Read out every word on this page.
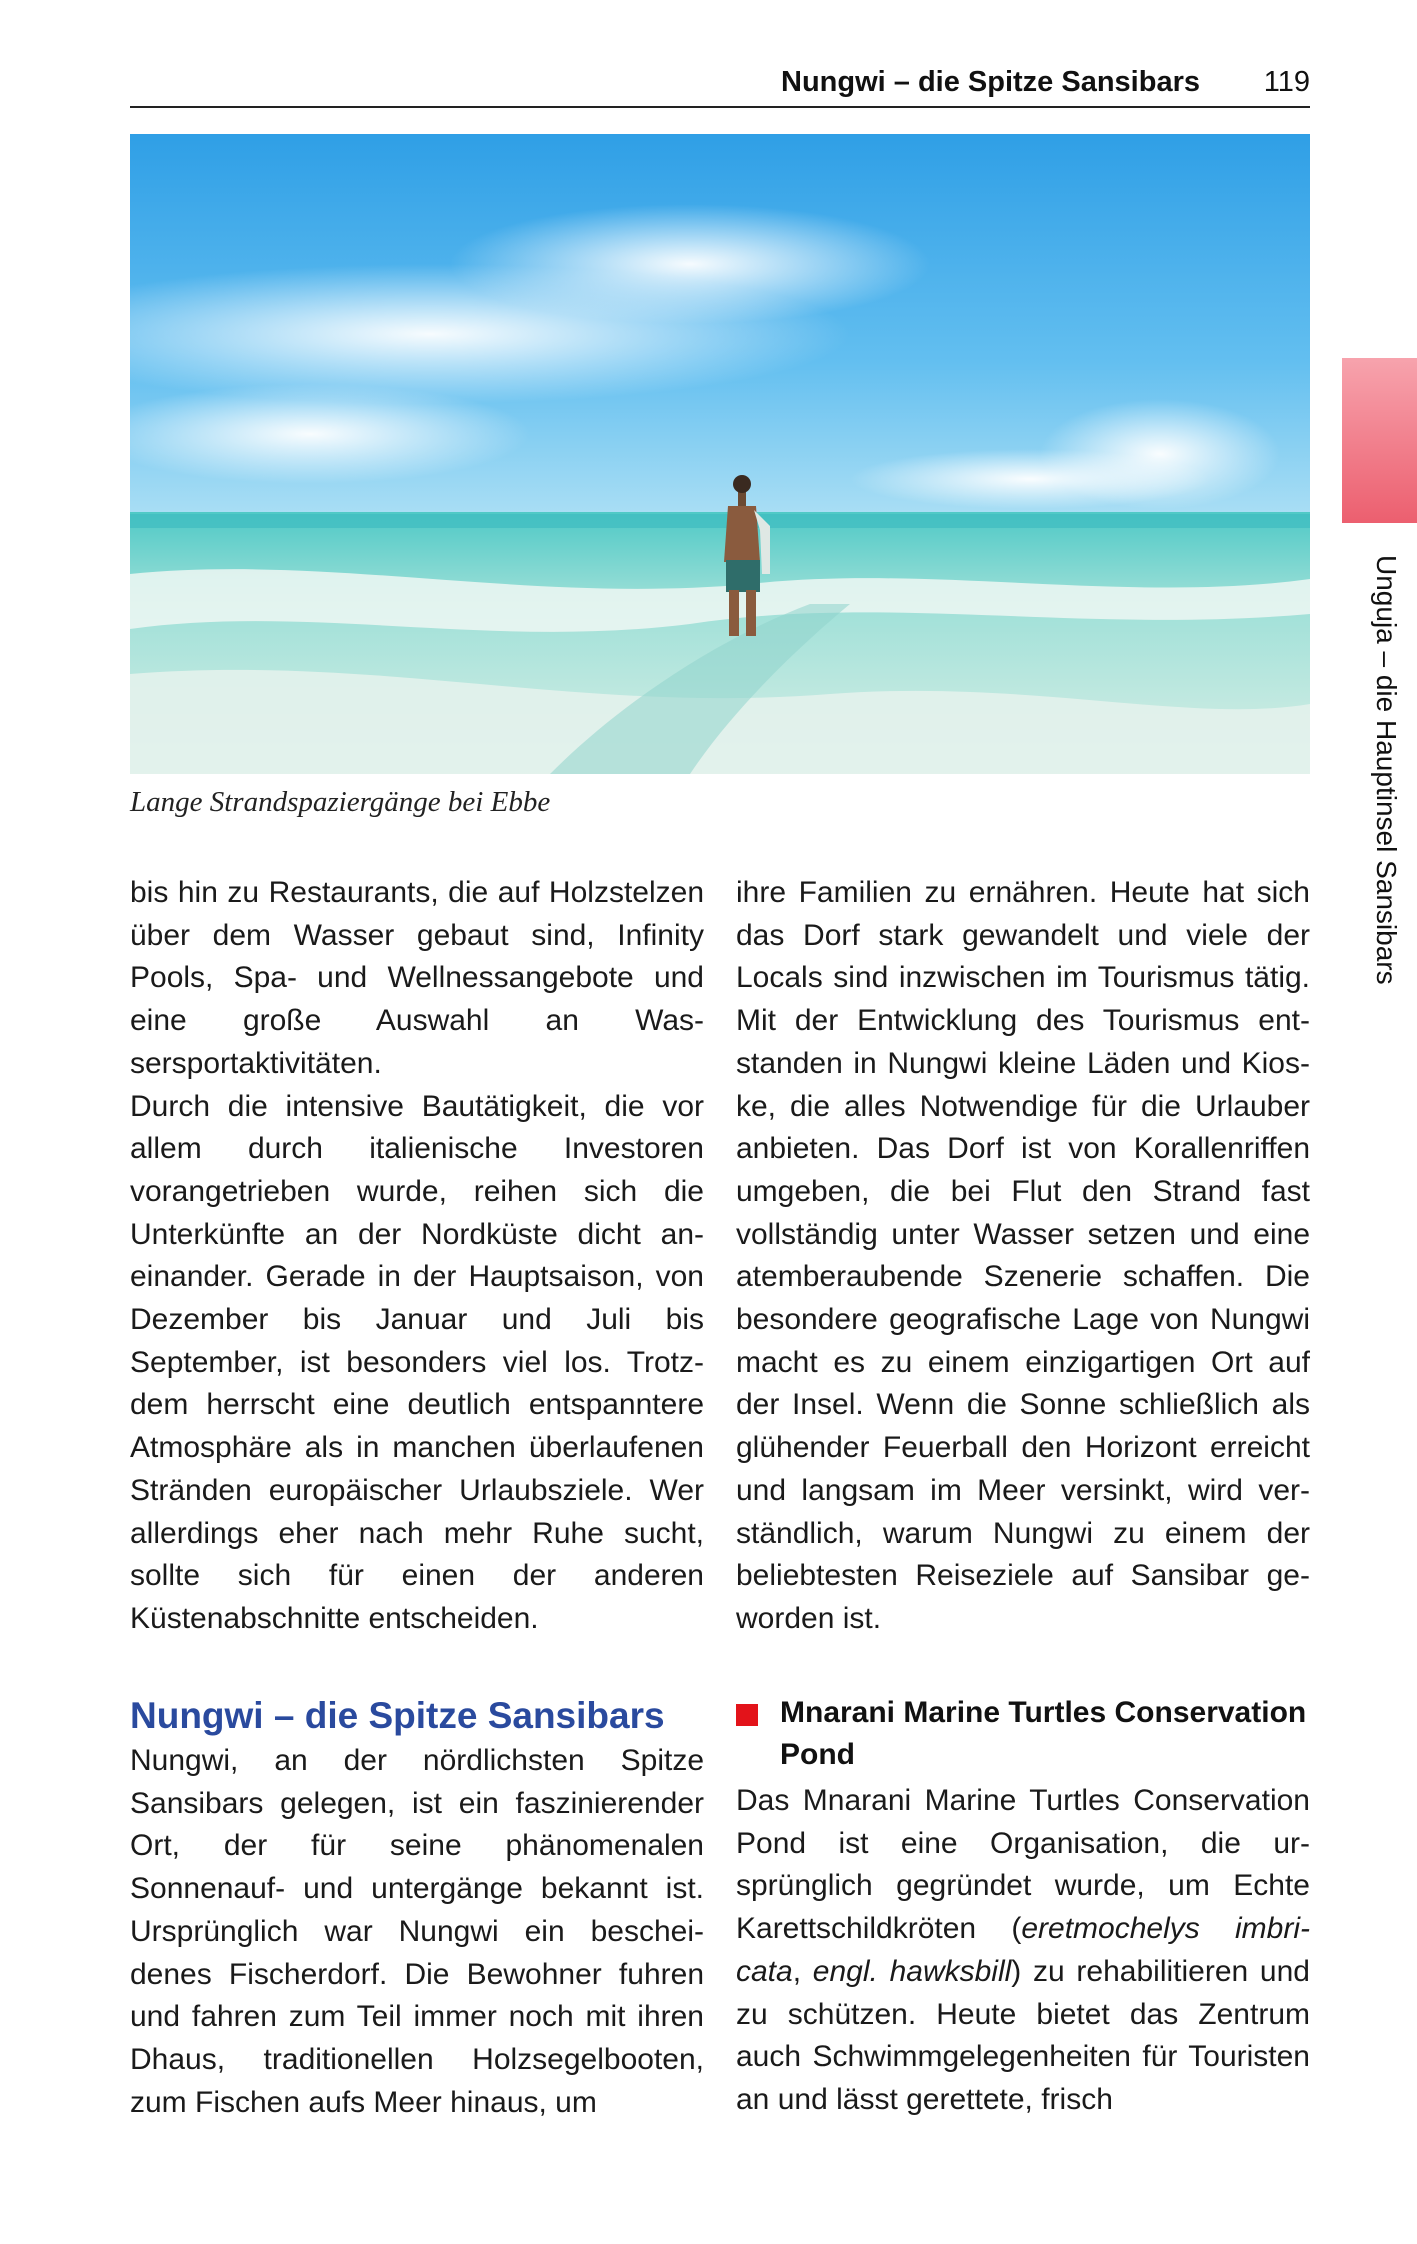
Nungwi – die Spitze Sansibars	119
Lange Strandspaziergänge bei Ebbe	Unguja – die Hauptinsel Sansibars

bis hin zu Restaurants, die auf Holzstelzen über dem Wasser gebaut sind, Infinity Pools, Spa- und Wellnessangebote und eine große Auswahl an Wassersportaktivitäten.

Durch die intensive Bautätigkeit, die vor allem durch italienische Investoren vorangetrieben wurde, reihen sich die Unterkünfte an der Nordküste dicht aneinander. Gerade in der Hauptsaison, von Dezember bis Januar und Juli bis September, ist besonders viel los. Trotzdem herrscht eine deutlich entspanntere Atmosphäre als in manchen überlaufenen Stränden europäischer Urlaubsziele. Wer allerdings eher nach mehr Ruhe sucht, sollte sich für einen der anderen Küstenabschnitte entscheiden.

ihre Familien zu ernähren. Heute hat sich das Dorf stark gewandelt und viele der Locals sind inzwischen im Tourismus tätig. Mit der Entwicklung des Tourismus entstanden in Nungwi kleine Läden und Kioske, die alles Notwendige für die Urlauber anbieten. Das Dorf ist von Korallenriffen umgeben, die bei Flut den Strand fast vollständig unter Wasser setzen und eine atemberaubende Szenerie schaffen. Die besondere geografische Lage von Nungwi macht es zu einem einzigartigen Ort auf der Insel. Wenn die Sonne schließlich als glühender Feuerball den Horizont erreicht und langsam im Meer versinkt, wird verständlich, warum Nungwi zu einem der beliebtesten Reiseziele auf Sansibar geworden ist.

Nungwi – die Spitze Sansibars

Nungwi, an der nördlichsten Spitze Sansibars gelegen, ist ein faszinierender Ort, der für seine phänomenalen Sonnenauf- und untergänge bekannt ist. Ursprünglich war Nungwi ein bescheidenes Fischerdorf. Die Bewohner fuhren und fahren zum Teil immer noch mit ihren Dhaus, traditionellen Holzsegelbooten, zum Fischen aufs Meer hinaus, um

Mnarani Marine Turtles Conservation Pond

Das Mnarani Marine Turtles Conservation Pond ist eine Organisation, die ursprünglich gegründet wurde, um Echte Karettschildkröten (eretmochelys imbricata, engl. hawksbill) zu rehabilitieren und zu schützen. Heute bietet das Zentrum auch Schwimmgelegenheiten für Touristen an und lässt gerettete, frisch
